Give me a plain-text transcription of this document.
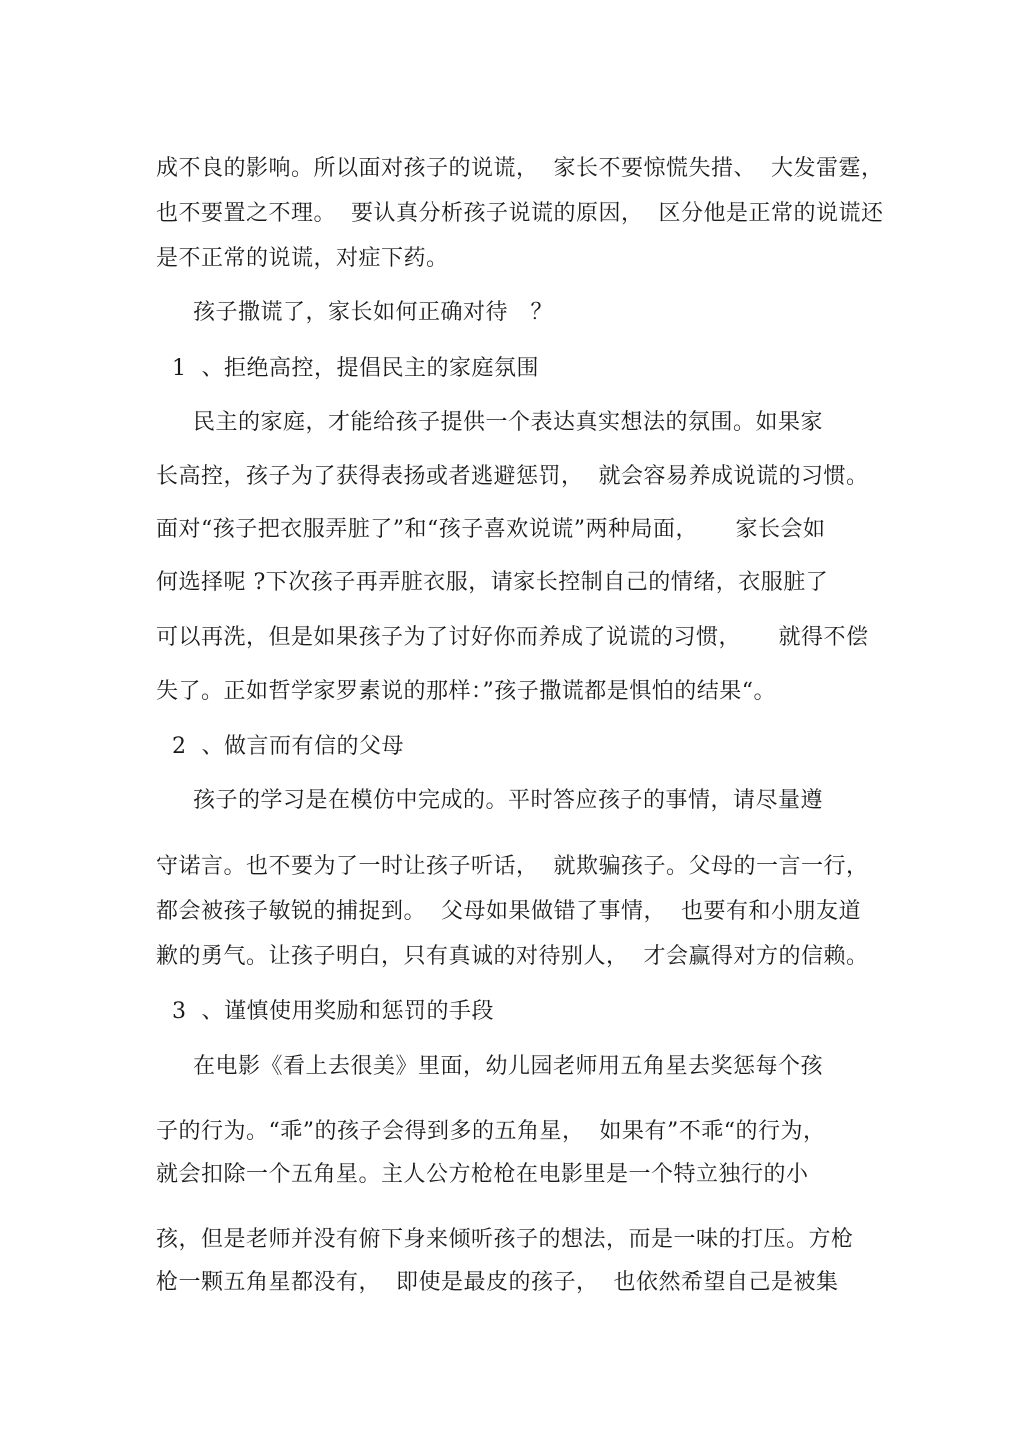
成不良的影响。所以面对孩子的说谎，  家长不要惊慌失措、  大发雷霆，
也不要置之不理。  要认真分析孩子说谎的原因，  区分他是正常的说谎还
是不正常的说谎，对症下药。
孩子撒谎了，家长如何正确对待   ？
1  、拒绝高控，提倡民主的家庭氛围
民主的家庭，才能给孩子提供一个表达真实想法的氛围。如果家
长高控，孩子为了获得表扬或者逃避惩罚，  就会容易养成说谎的习惯。
面对“孩子把衣服弄脏了”和“孩子喜欢说谎”两种局面，     家长会如
何选择呢 ?下次孩子再弄脏衣服，请家长控制自己的情绪，衣服脏了
可以再洗，但是如果孩子为了讨好你而养成了说谎的习惯，     就得不偿
失了。正如哲学家罗素说的那样：”孩子撒谎都是惧怕的结果“。
2  、做言而有信的父母
孩子的学习是在模仿中完成的。平时答应孩子的事情，请尽量遵
守诺言。也不要为了一时让孩子听话，  就欺骗孩子。父母的一言一行，
都会被孩子敏锐的捕捉到。  父母如果做错了事情，  也要有和小朋友道
歉的勇气。让孩子明白，只有真诚的对待别人，  才会赢得对方的信赖。
3  、谨慎使用奖励和惩罚的手段
在电影《看上去很美》里面，幼儿园老师用五角星去奖惩每个孩
子的行为。“乖”的孩子会得到多的五角星，  如果有”不乖“的行为，
就会扣除一个五角星。主人公方枪枪在电影里是一个特立独行的小
孩，但是老师并没有俯下身来倾听孩子的想法，而是一味的打压。方枪
枪一颗五角星都没有，  即使是最皮的孩子，  也依然希望自己是被集
